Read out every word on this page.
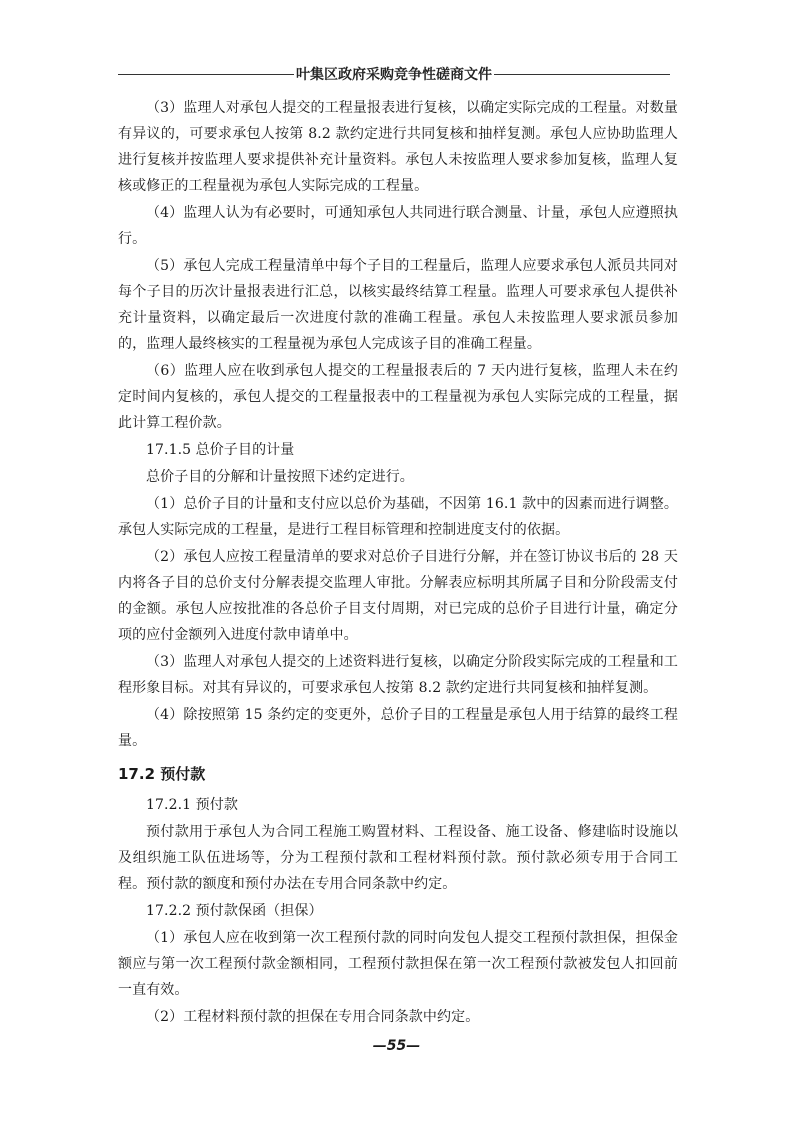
叶集区政府采购竞争性磋商文件

（3）监理人对承包人提交的工程量报表进行复核，以确定实际完成的工程量。对数量有异议的，可要求承包人按第 8.2 款约定进行共同复核和抽样复测。承包人应协助监理人进行复核并按监理人要求提供补充计量资料。承包人未按监理人要求参加复核，监理人复核或修正的工程量视为承包人实际完成的工程量。

（4）监理人认为有必要时，可通知承包人共同进行联合测量、计量，承包人应遵照执行。

（5）承包人完成工程量清单中每个子目的工程量后，监理人应要求承包人派员共同对每个子目的历次计量报表进行汇总，以核实最终结算工程量。监理人可要求承包人提供补充计量资料，以确定最后一次进度付款的准确工程量。承包人未按监理人要求派员参加的，监理人最终核实的工程量视为承包人完成该子目的准确工程量。

（6）监理人应在收到承包人提交的工程量报表后的 7 天内进行复核，监理人未在约定时间内复核的，承包人提交的工程量报表中的工程量视为承包人实际完成的工程量，据此计算工程价款。

17.1.5 总价子目的计量

总价子目的分解和计量按照下述约定进行。

（1）总价子目的计量和支付应以总价为基础，不因第 16.1 款中的因素而进行调整。承包人实际完成的工程量，是进行工程目标管理和控制进度支付的依据。

（2）承包人应按工程量清单的要求对总价子目进行分解，并在签订协议书后的 28 天内将各子目的总价支付分解表提交监理人审批。分解表应标明其所属子目和分阶段需支付的金额。承包人应按批准的各总价子目支付周期，对已完成的总价子目进行计量，确定分项的应付金额列入进度付款申请单中。

（3）监理人对承包人提交的上述资料进行复核，以确定分阶段实际完成的工程量和工程形象目标。对其有异议的，可要求承包人按第 8.2 款约定进行共同复核和抽样复测。

（4）除按照第 15 条约定的变更外，总价子目的工程量是承包人用于结算的最终工程量。

17.2 预付款

17.2.1 预付款

预付款用于承包人为合同工程施工购置材料、工程设备、施工设备、修建临时设施以及组织施工队伍进场等，分为工程预付款和工程材料预付款。预付款必须专用于合同工程。预付款的额度和预付办法在专用合同条款中约定。

17.2.2 预付款保函（担保）

（1）承包人应在收到第一次工程预付款的同时向发包人提交工程预付款担保，担保金额应与第一次工程预付款金额相同，工程预付款担保在第一次工程预付款被发包人扣回前一直有效。

（2）工程材料预付款的担保在专用合同条款中约定。

—55—
